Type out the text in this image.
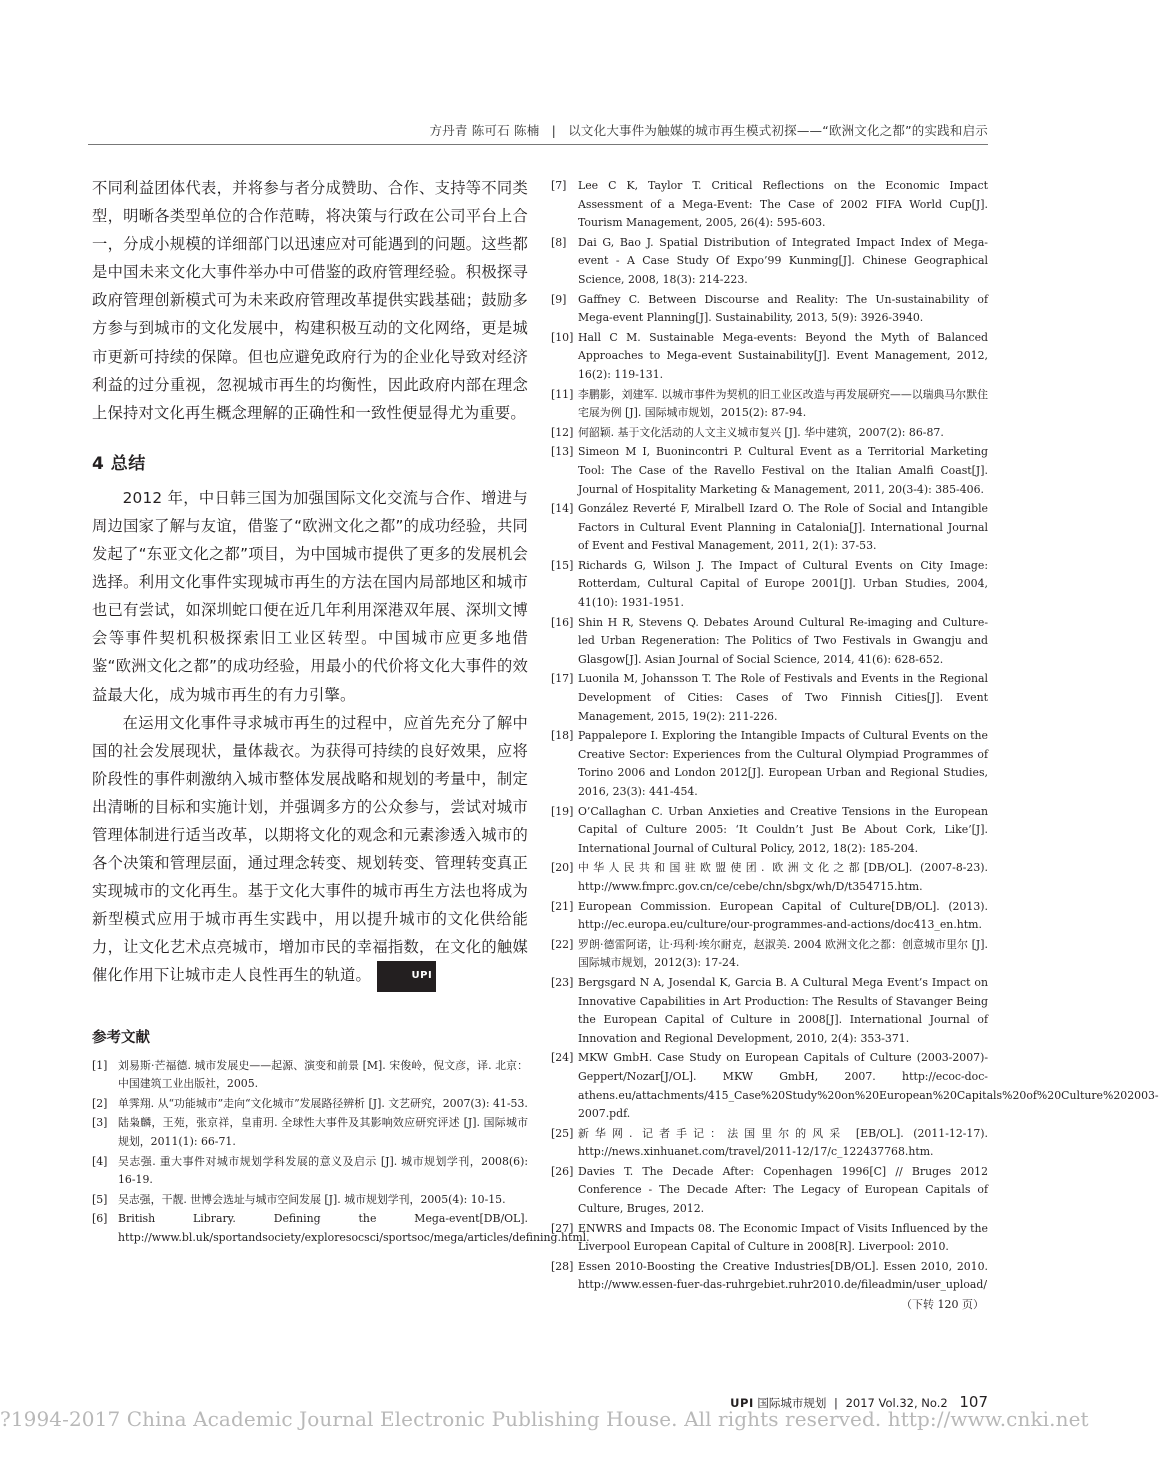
方丹青 陈可石 陈楠 | 以文化大事件为触媒的城市再生模式初探——“欧洲文化之都”的实践和启示

不同利益团体代表，并将参与者分成赞助、合作、支持等不同类型，明晰各类型单位的合作范畴，将决策与行政在公司平台上合一，分成小规模的详细部门以迅速应对可能遇到的问题。这些都是中国未来文化大事件举办中可借鉴的政府管理经验。积极探寻政府管理创新模式可为未来政府管理改革提供实践基础；鼓励多方参与到城市的文化发展中，构建积极互动的文化网络，更是城市更新可持续的保障。但也应避免政府行为的企业化导致对经济利益的过分重视，忽视城市再生的均衡性，因此政府内部在理念上保持对文化再生概念理解的正确性和一致性便显得尤为重要。

4 总结

2012 年，中日韩三国为加强国际文化交流与合作、增进与周边国家了解与友谊，借鉴了“欧洲文化之都”的成功经验，共同发起了“东亚文化之都”项目，为中国城市提供了更多的发展机会选择。利用文化事件实现城市再生的方法在国内局部地区和城市也已有尝试，如深圳蛇口便在近几年利用深港双年展、深圳文博会等事件契机积极探索旧工业区转型。中国城市应更多地借鉴“欧洲文化之都”的成功经验，用最小的代价将文化大事件的效益最大化，成为城市再生的有力引擎。

在运用文化事件寻求城市再生的过程中，应首先充分了解中国的社会发展现状，量体裁衣。为获得可持续的良好效果，应将阶段性的事件刺激纳入城市整体发展战略和规划的考量中，制定出清晰的目标和实施计划，并强调多方的公众参与，尝试对城市管理体制进行适当改革，以期将文化的观念和元素渗透入城市的各个决策和管理层面，通过理念转变、规划转变、管理转变真正实现城市的文化再生。基于文化大事件的城市再生方法也将成为新型模式应用于城市再生实践中，用以提升城市的文化供给能力，让文化艺术点亮城市，增加市民的幸福指数，在文化的触媒催化作用下让城市走人良性再生的轨道。	UPI

参考文献
[1] 刘易斯·芒福德. 城市发展史——起源、演变和前景 [M]. 宋俊岭，倪文彦，译. 北京：中国建筑工业出版社，2005.
[2] 单霁翔. 从“功能城市”走向“文化城市”发展路径辨析 [J]. 文艺研究，2007(3): 41-53.
[3] 陆枭麟，王苑，张京祥，皇甫玥. 全球性大事件及其影响效应研究评述 [J]. 国际城市规划，2011(1): 66-71.
[4] 吴志强. 重大事件对城市规划学科发展的意义及启示 [J]. 城市规划学刊，2008(6): 16-19.
[5] 吴志强，干靓. 世博会选址与城市空间发展 [J]. 城市规划学刊，2005(4): 10-15.
[6] British Library. Defining the Mega-event[DB/OL]. http://www.bl.uk/sportandsociety/exploresocsci/sportsoc/mega/articles/defining.html.
[7] Lee C K, Taylor T. Critical Reflections on the Economic Impact Assessment of a Mega-Event: The Case of 2002 FIFA World Cup[J]. Tourism Management, 2005, 26(4): 595-603.
[8] Dai G, Bao J. Spatial Distribution of Integrated Impact Index of Mega-event - A Case Study Of Expo’99 Kunming[J]. Chinese Geographical Science, 2008, 18(3): 214-223.
[9] Gaffney C. Between Discourse and Reality: The Un-sustainability of Mega-event Planning[J]. Sustainability, 2013, 5(9): 3926-3940.
[10] Hall C M. Sustainable Mega-events: Beyond the Myth of Balanced Approaches to Mega-event Sustainability[J]. Event Management, 2012, 16(2): 119-131.
[11] 李鹏影，刘建军. 以城市事件为契机的旧工业区改造与再发展研究——以瑞典马尔默住宅展为例 [J]. 国际城市规划，2015(2): 87-94.
[12] 何韶颖. 基于文化活动的人文主义城市复兴 [J]. 华中建筑，2007(2): 86-87.
[13] Simeon M I, Buonincontri P. Cultural Event as a Territorial Marketing Tool: The Case of the Ravello Festival on the Italian Amalfi Coast[J]. Journal of Hospitality Marketing & Management, 2011, 20(3-4): 385-406.
[14] González Reverté F, Miralbell Izard O. The Role of Social and Intangible Factors in Cultural Event Planning in Catalonia[J]. International Journal of Event and Festival Management, 2011, 2(1): 37-53.
[15] Richards G, Wilson J. The Impact of Cultural Events on City Image: Rotterdam, Cultural Capital of Europe 2001[J]. Urban Studies, 2004, 41(10): 1931-1951.
[16] Shin H R, Stevens Q. Debates Around Cultural Re-imaging and Culture-led Urban Regeneration: The Politics of Two Festivals in Gwangju and Glasgow[J]. Asian Journal of Social Science, 2014, 41(6): 628-652.
[17] Luonila M, Johansson T. The Role of Festivals and Events in the Regional Development of Cities: Cases of Two Finnish Cities[J]. Event Management, 2015, 19(2): 211-226.
[18] Pappalepore I. Exploring the Intangible Impacts of Cultural Events on the Creative Sector: Experiences from the Cultural Olympiad Programmes of Torino 2006 and London 2012[J]. European Urban and Regional Studies, 2016, 23(3): 441-454.
[19] O’Callaghan C. Urban Anxieties and Creative Tensions in the European Capital of Culture 2005: ‘It Couldn’t Just Be About Cork, Like’[J]. International Journal of Cultural Policy, 2012, 18(2): 185-204.
[20] 中华人民共和国驻欧盟使团. 欧洲文化之都[DB/OL]. (2007-8-23). http://www.fmprc.gov.cn/ce/cebe/chn/sbgx/wh/D/t354715.htm.
[21] European Commission. European Capital of Culture[DB/OL]. (2013). http://ec.europa.eu/culture/our-programmes-and-actions/doc413_en.htm.
[22] 罗朗·德雷阿诺，让·玛利·埃尔耐克，赵淑美. 2004 欧洲文化之都：创意城市里尔 [J]. 国际城市规划，2012(3): 17-24.
[23] Bergsgard N A, Josendal K, Garcia B. A Cultural Mega Event’s Impact on Innovative Capabilities in Art Production: The Results of Stavanger Being the European Capital of Culture in 2008[J]. International Journal of Innovation and Regional Development, 2010, 2(4): 353-371.
[24] MKW GmbH. Case Study on European Capitals of Culture (2003-2007)-Geppert/Nozar[J/OL]. MKW GmbH, 2007. http://ecoc-doc-athens.eu/attachments/415_Case%20Study%20on%20European%20Capitals%20of%20Culture%202003-2007.pdf.
[25] 新华网. 记者手记：法国里尔的风采 [EB/OL]. (2011-12-17). http://news.xinhuanet.com/travel/2011-12/17/c_122437768.htm.
[26] Davies T. The Decade After: Copenhagen 1996[C] // Bruges 2012 Conference - The Decade After: The Legacy of European Capitals of Culture, Bruges, 2012.
[27] ENWRS and Impacts 08. The Economic Impact of Visits Influenced by the Liverpool European Capital of Culture in 2008[R]. Liverpool: 2010.
[28] Essen 2010-Boosting the Creative Industries[DB/OL]. Essen 2010, 2010. http://www.essen-fuer-das-ruhrgebiet.ruhr2010.de/fileadmin/user_upload/
（下转 120 页）
UPI 国际城市规划 | 2017 Vol.32, No.2 107
?1994-2017 China Academic Journal Electronic Publishing House. All rights reserved. http://www.cnki.net
